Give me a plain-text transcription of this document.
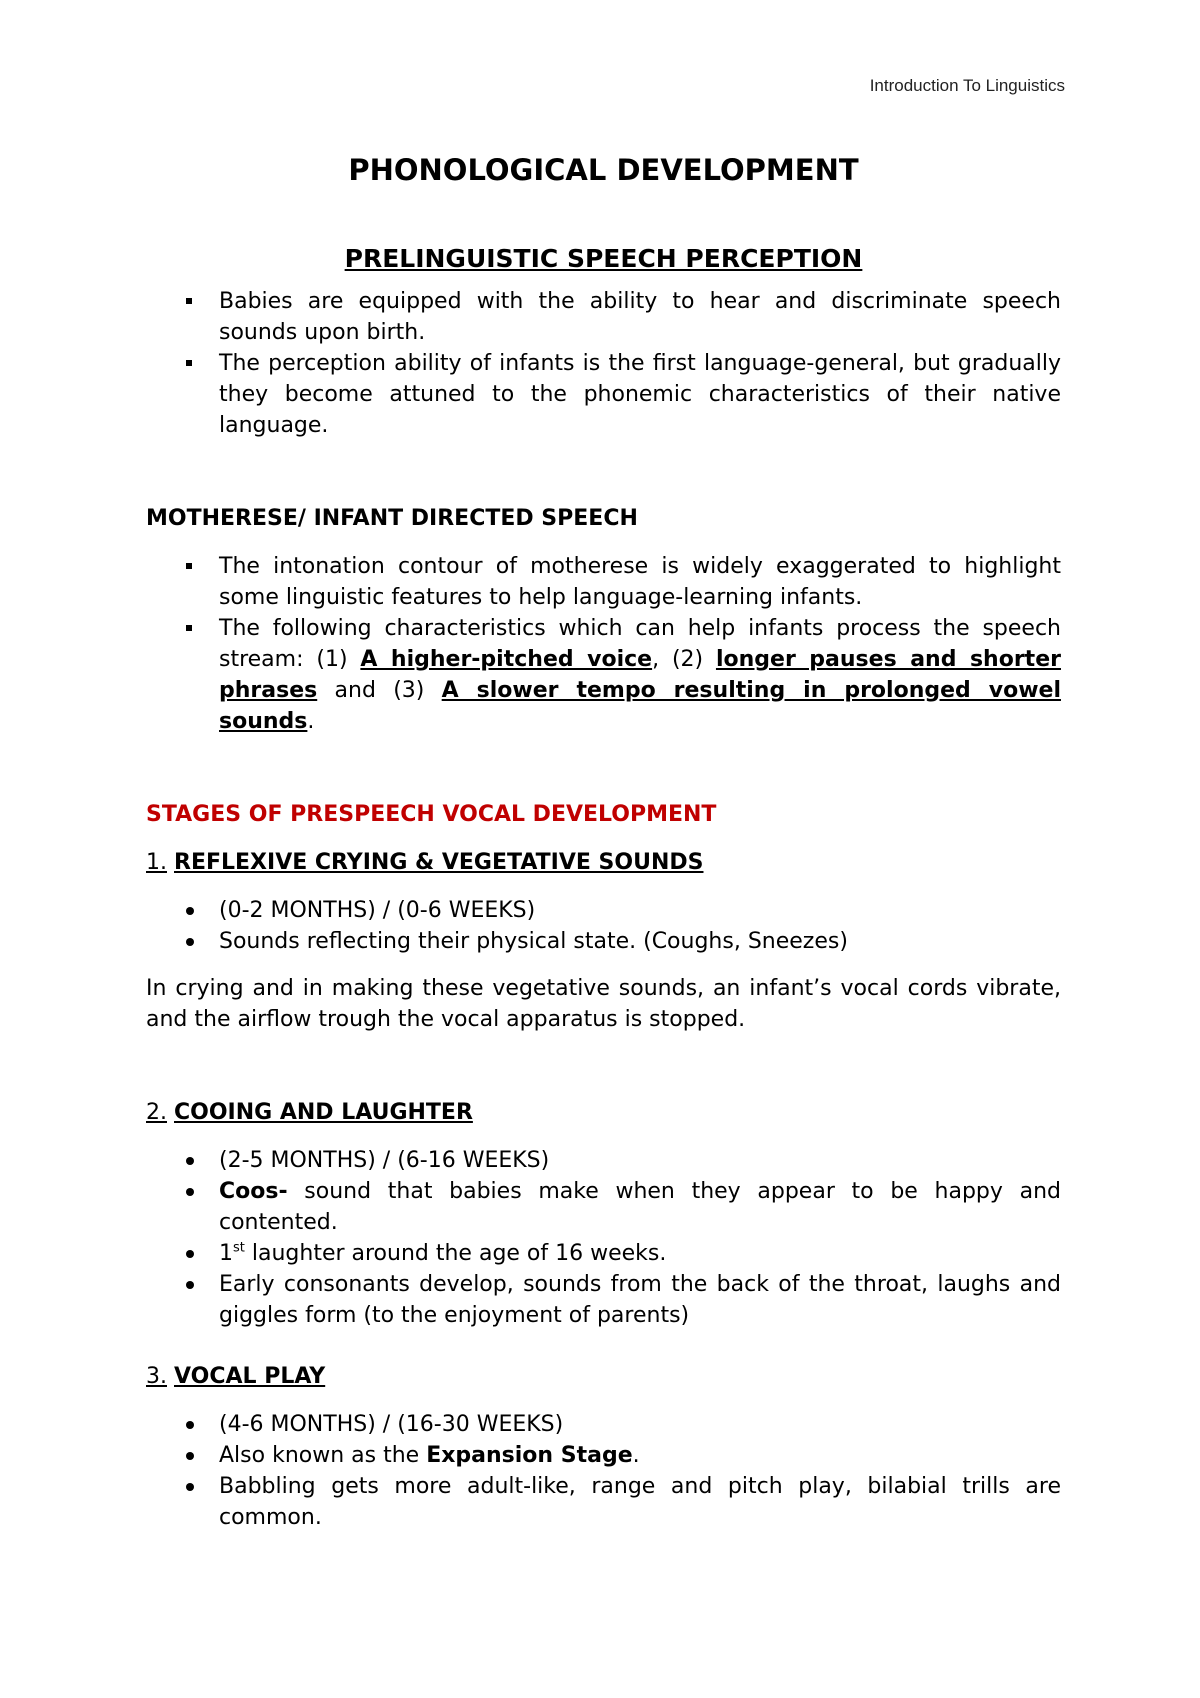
Introduction To Linguistics
PHONOLOGICAL DEVELOPMENT
PRELINGUISTIC SPEECH PERCEPTION
Babies are equipped with the ability to hear and discriminate speech sounds upon birth.
The perception ability of infants is the first language-general, but gradually they become attuned to the phonemic characteristics of their native language.
MOTHERESE/ INFANT DIRECTED SPEECH
The intonation contour of motherese is widely exaggerated to highlight some linguistic features to help language-learning infants.
The following characteristics which can help infants process the speech stream: (1) A higher-pitched voice, (2) longer pauses and shorter phrases and (3) A slower tempo resulting in prolonged vowel sounds.
STAGES OF PRESPEECH VOCAL DEVELOPMENT
1. REFLEXIVE CRYING & VEGETATIVE SOUNDS
(0-2 MONTHS) / (0-6 WEEKS)
Sounds reflecting their physical state. (Coughs, Sneezes)

In crying and in making these vegetative sounds, an infant’s vocal cords vibrate, and the airflow trough the vocal apparatus is stopped.

2. COOING AND LAUGHTER
(2-5 MONTHS) / (6-16 WEEKS)
Coos- sound that babies make when they appear to be happy and contented.
1st laughter around the age of 16 weeks.
Early consonants develop, sounds from the back of the throat, laughs and giggles form (to the enjoyment of parents)
3. VOCAL PLAY
(4-6 MONTHS) / (16-30 WEEKS)
Also known as the Expansion Stage.
Babbling gets more adult-like, range and pitch play, bilabial trills are common.
